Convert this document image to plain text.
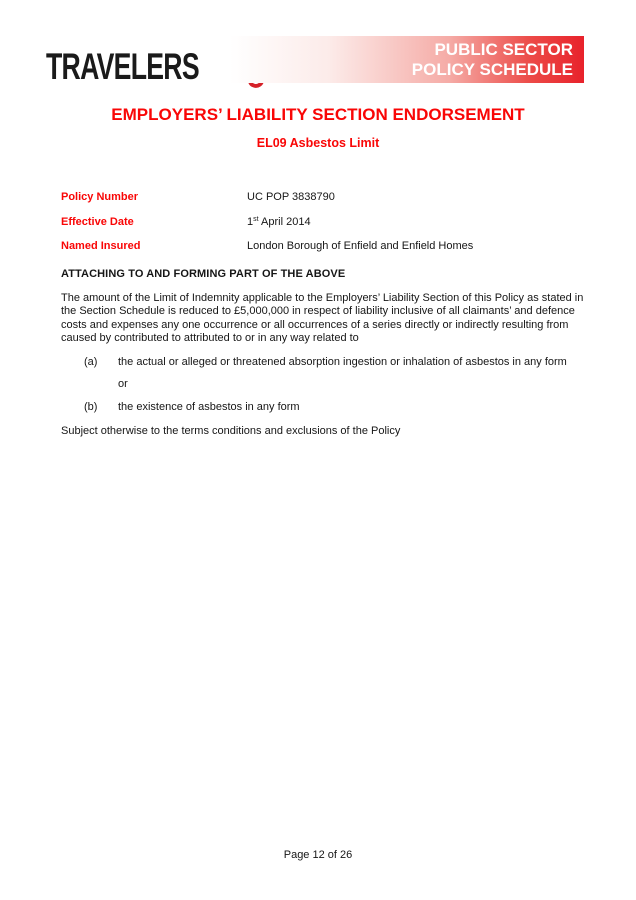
TRAVELERS	PUBLIC SECTOR
POLICY SCHEDULE
EMPLOYERS’ LIABILITY SECTION ENDORSEMENT
EL09 Asbestos Limit
Policy Number	UC POP 3838790
Effective Date	1st April 2014
Named Insured	London Borough of Enfield and Enfield Homes
ATTACHING TO AND FORMING PART OF THE ABOVE
The amount of the Limit of Indemnity applicable to the Employers’ Liability Section of this Policy as stated in
the Section Schedule is reduced to £5,000,000 in respect of liability inclusive of all claimants’ and defence
costs and expenses any one occurrence or all occurrences of a series directly or indirectly resulting from
caused by contributed to attributed to or in any way related to
(a)	the actual or alleged or threatened absorption ingestion or inhalation of asbestos in any form
or
(b)	the existence of asbestos in any form
Subject otherwise to the terms conditions and exclusions of the Policy
Page 12 of 26
